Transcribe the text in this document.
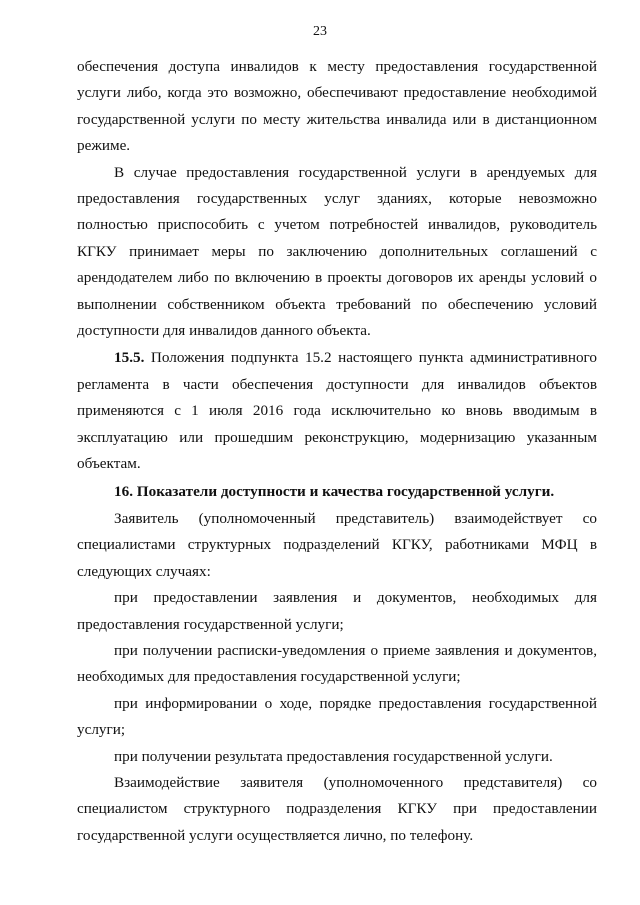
23

обеспечения доступа инвалидов к месту предоставления государственной услуги либо, когда это возможно, обеспечивают предоставление необходимой государственной услуги по месту жительства инвалида или в дистанционном режиме.

В случае предоставления государственной услуги в арендуемых для предоставления государственных услуг зданиях, которые невозможно полностью приспособить с учетом потребностей инвалидов, руководитель КГКУ принимает меры по заключению дополнительных соглашений с арендодателем либо по включению в проекты договоров их аренды условий о выполнении собственником объекта требований по обеспечению условий доступности для инвалидов данного объекта.

15.5. Положения подпункта 15.2 настоящего пункта административного регламента в части обеспечения доступности для инвалидов объектов применяются с 1 июля 2016 года исключительно ко вновь вводимым в эксплуатацию или прошедшим реконструкцию, модернизацию указанным объектам.

16. Показатели доступности и качества государственной услуги.

Заявитель (уполномоченный представитель) взаимодействует со специалистами структурных подразделений КГКУ, работниками МФЦ в следующих случаях:

при предоставлении заявления и документов, необходимых для предоставления государственной услуги;

при получении расписки-уведомления о приеме заявления и документов, необходимых для предоставления государственной услуги;

при информировании о ходе, порядке предоставления государственной услуги;

при получении результата предоставления государственной услуги.

Взаимодействие заявителя (уполномоченного представителя) со специалистом структурного подразделения КГКУ при предоставлении государственной услуги осуществляется лично, по телефону.
